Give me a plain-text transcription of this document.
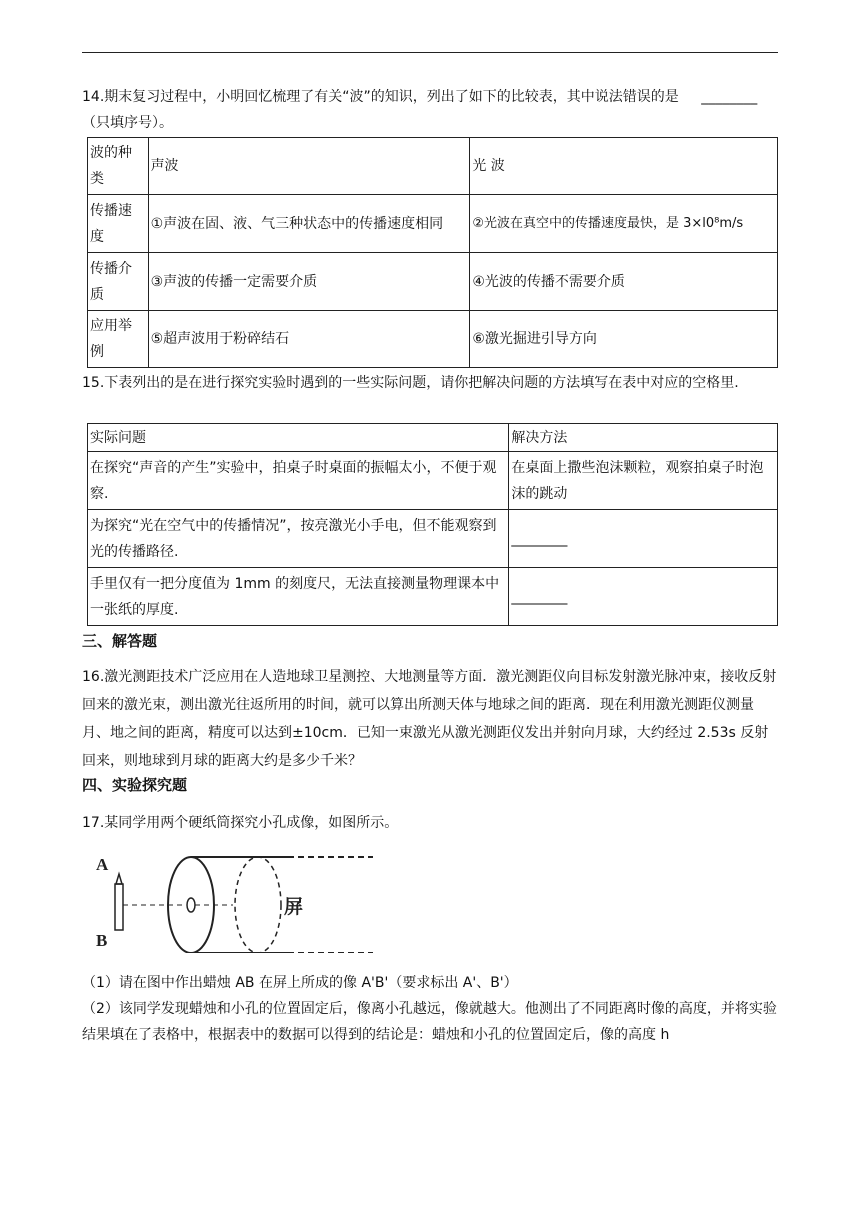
14.期末复习过程中，小明回忆梳理了有关“波”的知识，列出了如下的比较表，其中说法错误的是 ________
（只填序号）。
波的种类	声波	光 波
传播速度	①声波在固、液、气三种状态中的传播速度相同	②光波在真空中的传播速度最快，是 3×l0⁸m/s
传播介质	③声波的传播一定需要介质	④光波的传播不需要介质
应用举例	⑤超声波用于粉碎结石	⑥激光掘进引导方向
15.下表列出的是在进行探究实验时遇到的一些实际问题，请你把解决问题的方法填写在表中对应的空格里.
实际问题	解决方法
在探究“声音的产生”实验中，拍桌子时桌面的振幅太小，不便于观察.	在桌面上撒些泡沫颗粒，观察拍桌子时泡沫的跳动
为探究“光在空气中的传播情况”，按亮激光小手电，但不能观察到光的传播路径.	________
手里仅有一把分度值为 1mm 的刻度尺，无法直接测量物理课本中一张纸的厚度.	________
三、解答题
16.激光测距技术广泛应用在人造地球卫星测控、大地测量等方面．激光测距仪向目标发射激光脉冲束，接收反射回来的激光束，测出激光往返所用的时间，就可以算出所测天体与地球之间的距离．现在利用激光测距仪测量月、地之间的距离，精度可以达到±10cm．已知一束激光从激光测距仪发出并射向月球，大约经过 2.53s 反射回来，则地球到月球的距离大约是多少千米？
四、实验探究题
17.某同学用两个硬纸筒探究小孔成像，如图所示。
A
B
屏
（1）请在图中作出蜡烛 AB 在屏上所成的像 A'B'（要求标出 A'、B'）
（2）该同学发现蜡烛和小孔的位置固定后，像离小孔越远，像就越大。他测出了不同距离时像的高度，并将实验结果填在了表格中，根据表中的数据可以得到的结论是：蜡烛和小孔的位置固定后，像的高度 h
